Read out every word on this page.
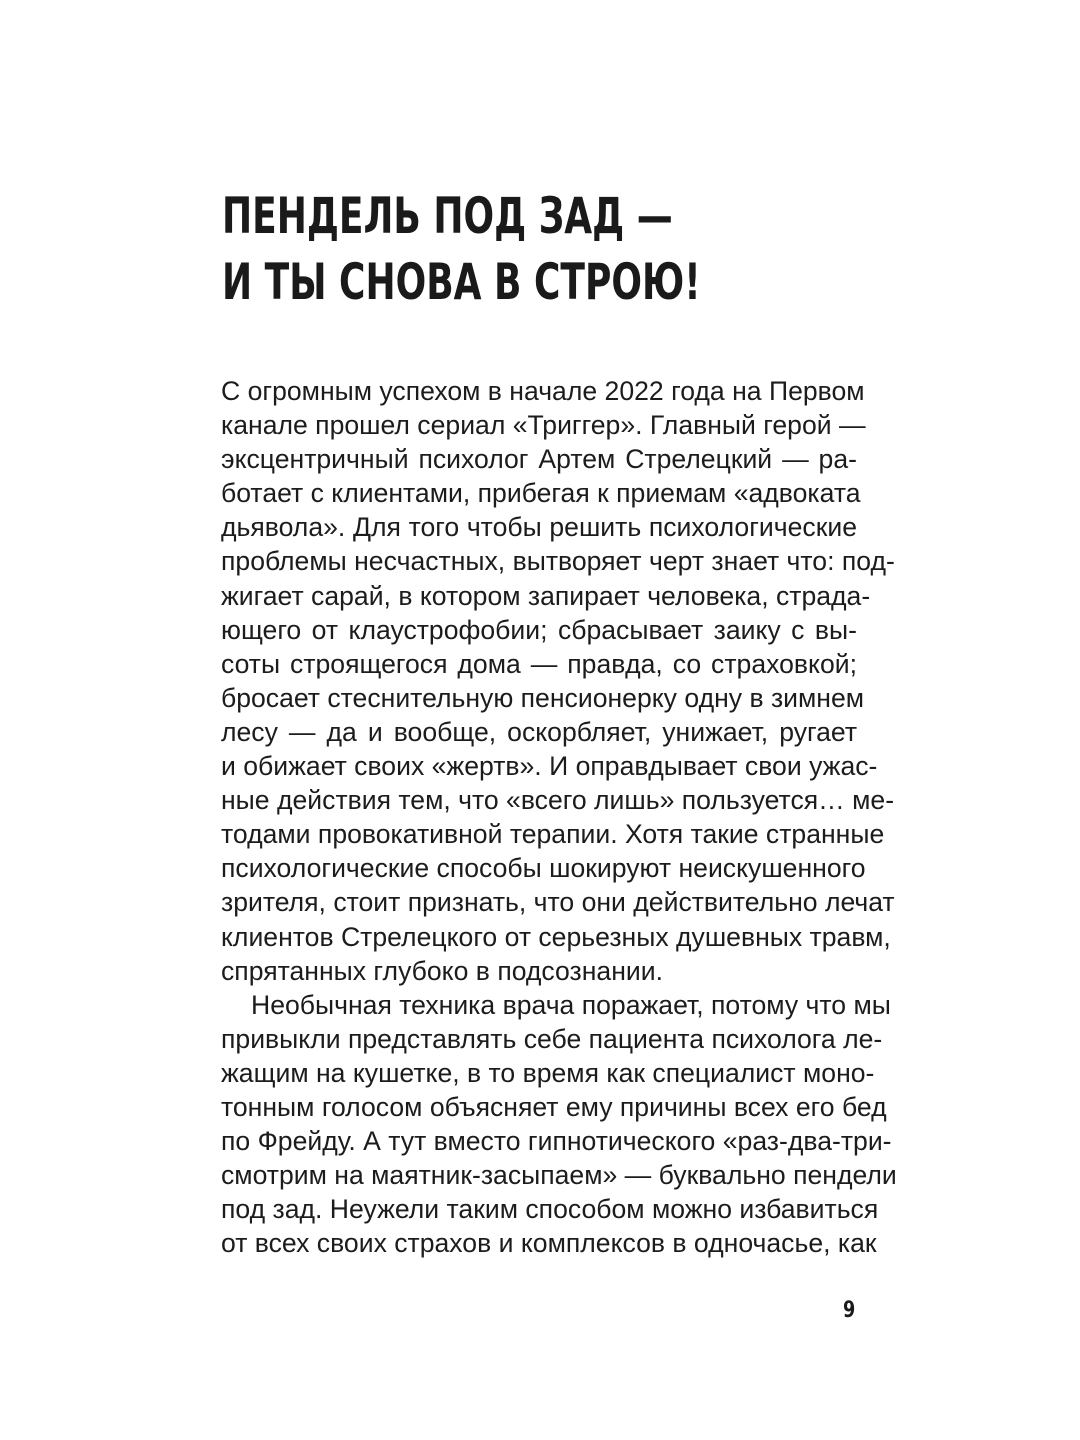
ПЕНДЕЛЬ ПОД ЗАД —
И ТЫ СНОВА В СТРОЮ!
С огромным успехом в начале 2022 года на Первом
канале прошел сериал «Триггер». Главный герой —
эксцентричный психолог Артем Стрелецкий — ра-
ботает с клиентами, прибегая к приемам «адвоката
дьявола». Для того чтобы решить психологические
проблемы несчастных, вытворяет черт знает что: под-
жигает сарай, в котором запирает человека, страда-
ющего от клаустрофобии; сбрасывает заику с вы-
соты строящегося дома — правда, со страховкой;
бросает стеснительную пенсионерку одну в зимнем
лесу — да и вообще, оскорбляет, унижает, ругает
и обижает своих «жертв». И оправдывает свои ужас-
ные действия тем, что «всего лишь» пользуется… ме-
тодами провокативной терапии. Хотя такие странные
психологические способы шокируют неискушенного
зрителя, стоит признать, что они действительно лечат
клиентов Стрелецкого от серьезных душевных травм,
спрятанных глубоко в подсознании.
Необычная техника врача поражает, потому что мы
привыкли представлять себе пациента психолога ле-
жащим на кушетке, в то время как специалист моно-
тонным голосом объясняет ему причины всех его бед
по Фрейду. А тут вместо гипнотического «раз-два-три-
смотрим на маятник-засыпаем» — буквально пендели
под зад. Неужели таким способом можно избавиться
от всех своих страхов и комплексов в одночасье, как
9
